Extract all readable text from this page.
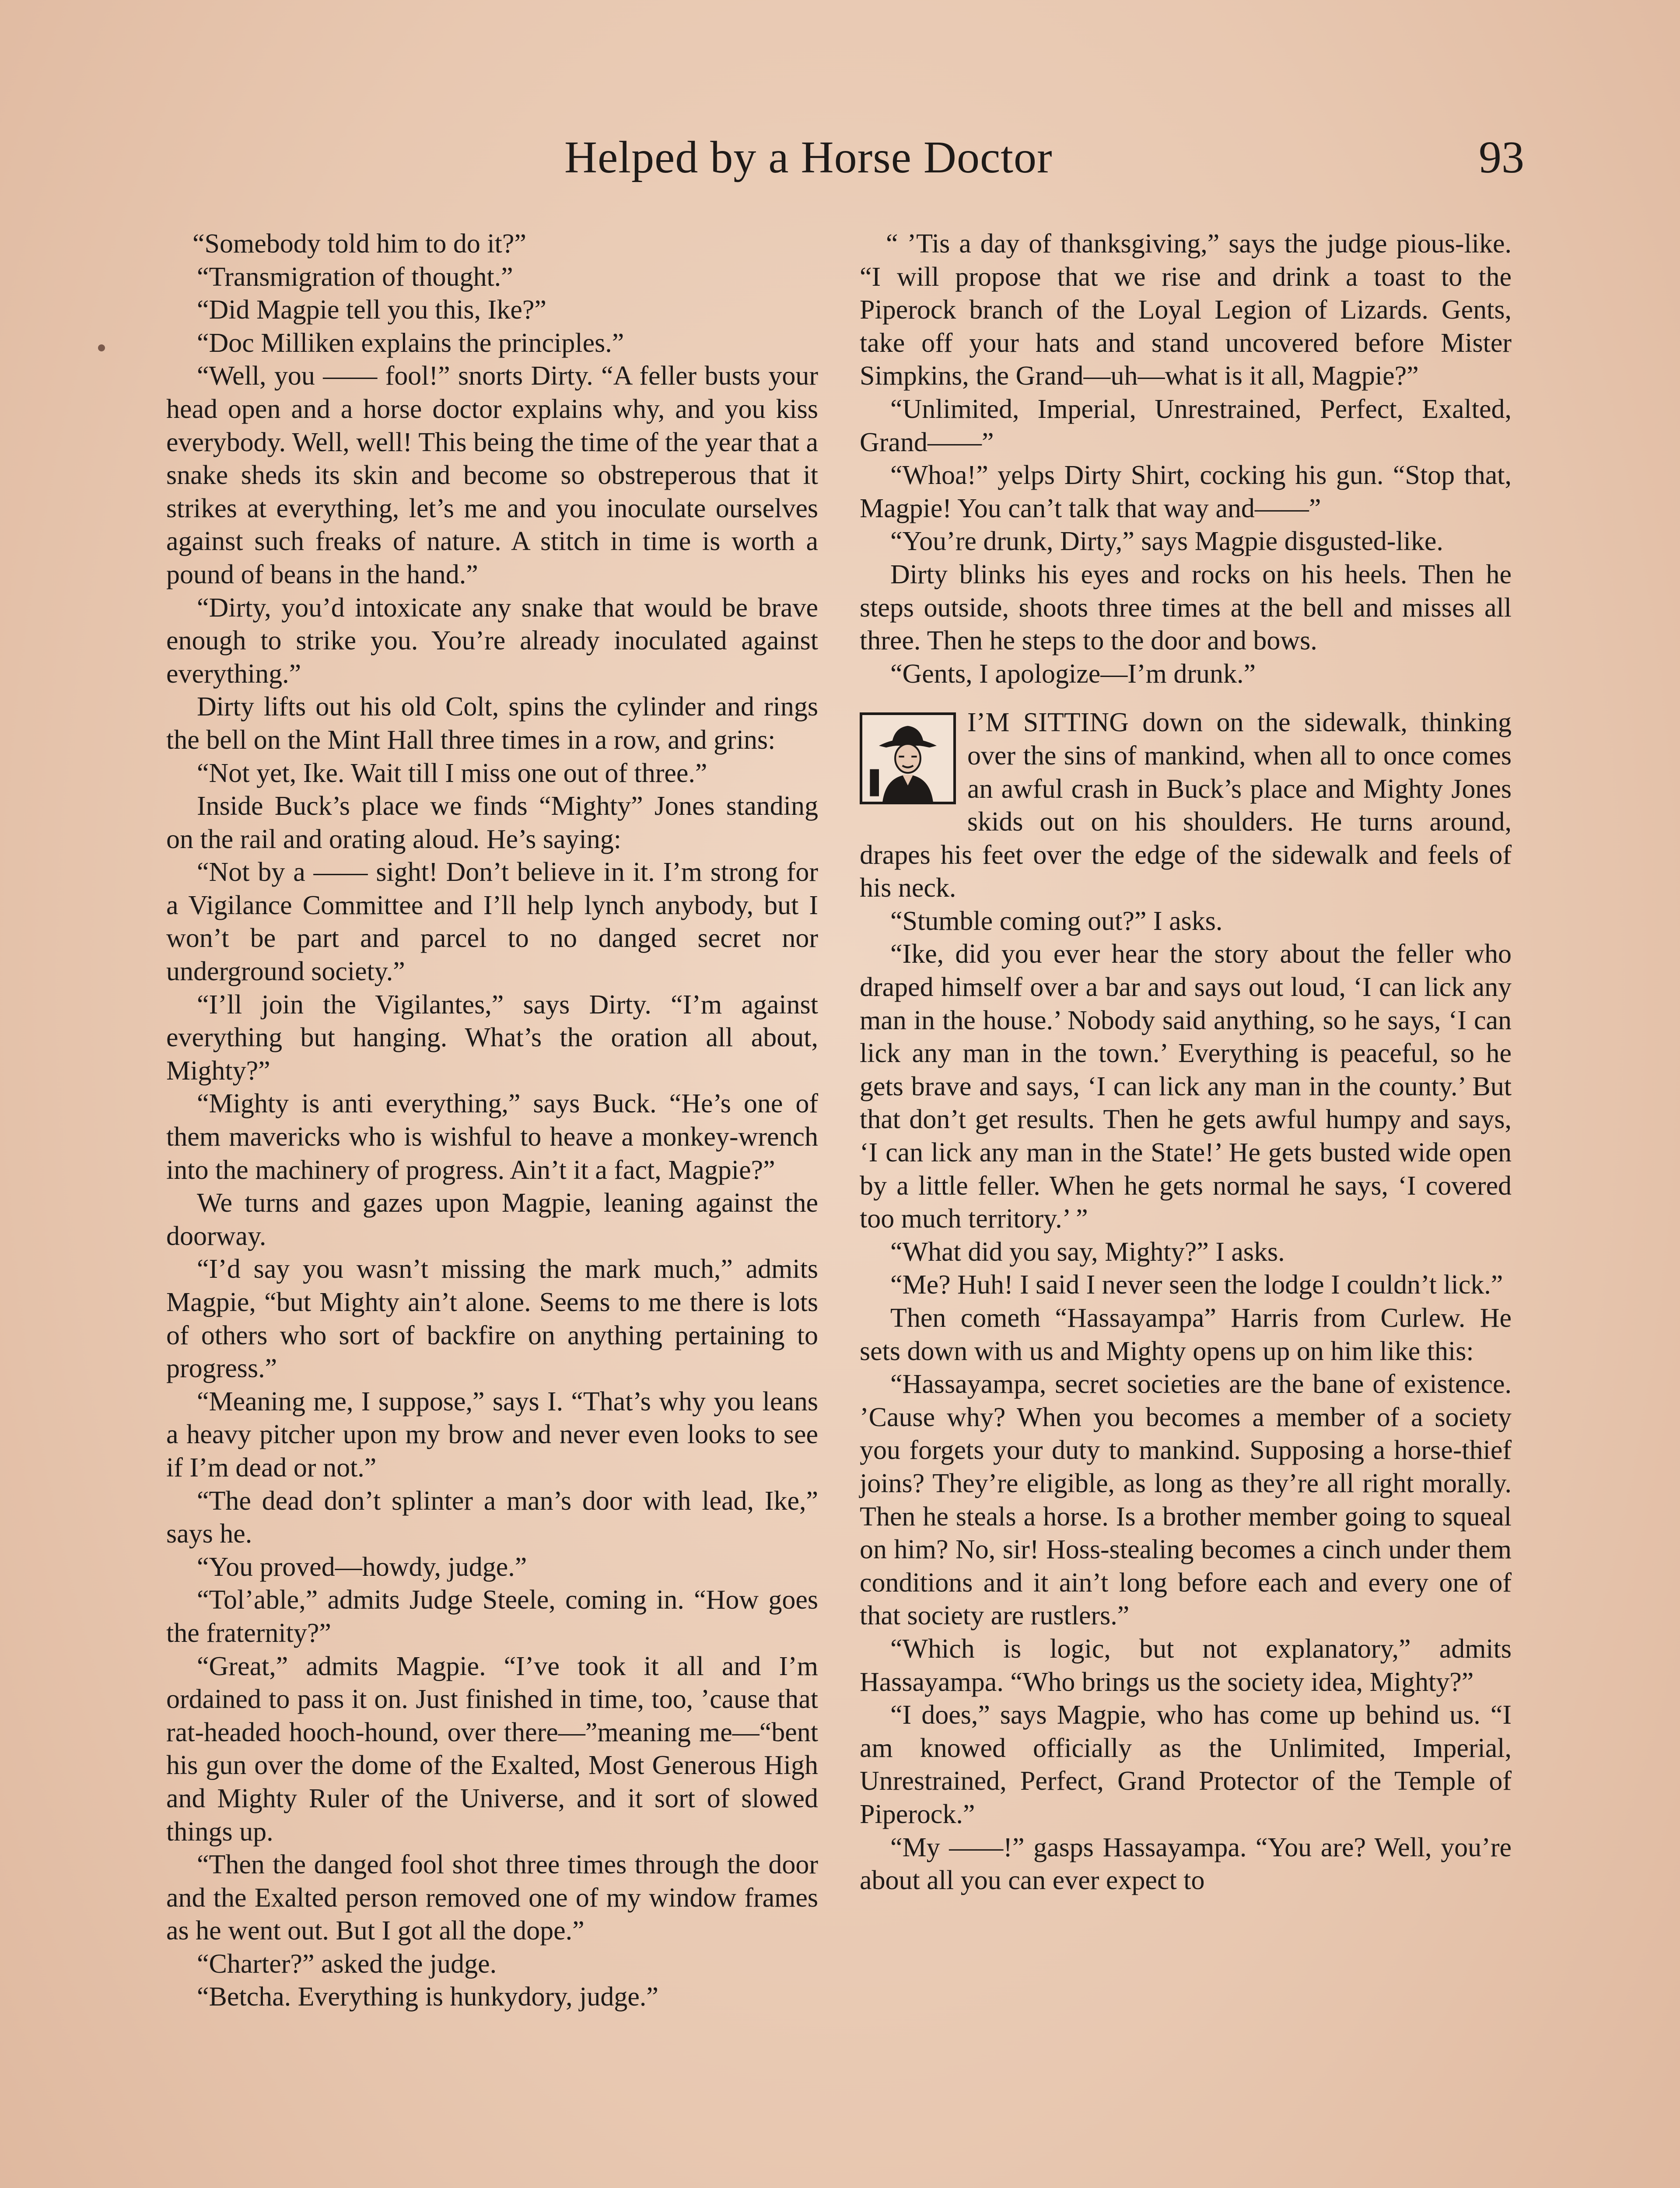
Helped by a Horse Doctor	93

“Somebody told him to do it?”

“Transmigration of thought.”

“Did Magpie tell you this, Ike?”

“Doc Milliken explains the principles.”

“Well, you —— fool!” snorts Dirty. “A feller busts your head open and a horse doctor explains why, and you kiss everybody. Well, well! This being the time of the year that a snake sheds its skin and become so obstreperous that it strikes at everything, let’s me and you inoculate ourselves against such freaks of nature. A stitch in time is worth a pound of beans in the hand.”

“Dirty, you’d intoxicate any snake that would be brave enough to strike you. You’re already inoculated against everything.”

Dirty lifts out his old Colt, spins the cylinder and rings the bell on the Mint Hall three times in a row, and grins:

“Not yet, Ike. Wait till I miss one out of three.”

Inside Buck’s place we finds “Mighty” Jones standing on the rail and orating aloud. He’s saying:

“Not by a —— sight! Don’t believe in it. I’m strong for a Vigilance Committee and I’ll help lynch anybody, but I won’t be part and parcel to no danged secret nor underground society.”

“I’ll join the Vigilantes,” says Dirty. “I’m against everything but hanging. What’s the oration all about, Mighty?”

“Mighty is anti everything,” says Buck. “He’s one of them mavericks who is wishful to heave a monkey-wrench into the machinery of progress. Ain’t it a fact, Magpie?”

We turns and gazes upon Magpie, leaning against the doorway.

“I’d say you wasn’t missing the mark much,” admits Magpie, “but Mighty ain’t alone. Seems to me there is lots of others who sort of backfire on anything pertaining to progress.”

“Meaning me, I suppose,” says I. “That’s why you leans a heavy pitcher upon my brow and never even looks to see if I’m dead or not.”

“The dead don’t splinter a man’s door with lead, Ike,” says he.

“You proved—howdy, judge.”

“Tol’able,” admits Judge Steele, coming in. “How goes the fraternity?”

“Great,” admits Magpie. “I’ve took it all and I’m ordained to pass it on. Just finished in time, too, ’cause that rat-headed hooch-hound, over there—”meaning me—“bent his gun over the dome of the Exalted, Most Generous High and Mighty Ruler of the Universe, and it sort of slowed things up.

“Then the danged fool shot three times through the door and the Exalted person removed one of my window frames as he went out. But I got all the dope.”

“Charter?” asked the judge.

“Betcha. Everything is hunkydory, judge.”

“ ’Tis a day of thanksgiving,” says the judge pious-like. “I will propose that we rise and drink a toast to the Piperock branch of the Loyal Legion of Lizards. Gents, take off your hats and stand uncovered before Mister Simpkins, the Grand—uh—what is it all, Magpie?”

“Unlimited, Imperial, Unrestrained, Perfect, Exalted, Grand——”

“Whoa!” yelps Dirty Shirt, cocking his gun. “Stop that, Magpie! You can’t talk that way and——”

“You’re drunk, Dirty,” says Magpie disgusted-like.

Dirty blinks his eyes and rocks on his heels. Then he steps outside, shoots three times at the bell and misses all three. Then he steps to the door and bows.

“Gents, I apologize—I’m drunk.”

I’M SITTING down on the sidewalk, thinking over the sins of mankind, when all to once comes an awful crash in Buck’s place and Mighty Jones skids out on his shoulders. He turns around, drapes his feet over the edge of the sidewalk and feels of his neck.

“Stumble coming out?” I asks.

“Ike, did you ever hear the story about the feller who draped himself over a bar and says out loud, ‘I can lick any man in the house.’ Nobody said anything, so he says, ‘I can lick any man in the town.’ Everything is peaceful, so he gets brave and says, ‘I can lick any man in the county.’ But that don’t get results. Then he gets awful humpy and says, ‘I can lick any man in the State!’ He gets busted wide open by a little feller. When he gets normal he says, ‘I covered too much territory.’ ”

“What did you say, Mighty?” I asks.

“Me? Huh! I said I never seen the lodge I couldn’t lick.”

Then cometh “Hassayampa” Harris from Curlew. He sets down with us and Mighty opens up on him like this:

“Hassayampa, secret societies are the bane of existence. ’Cause why? When you becomes a member of a society you forgets your duty to mankind. Supposing a horse-thief joins? They’re eligible, as long as they’re all right morally. Then he steals a horse. Is a brother member going to squeal on him? No, sir! Hoss-stealing becomes a cinch under them conditions and it ain’t long before each and every one of that society are rustlers.”

“Which is logic, but not explanatory,” admits Hassayampa. “Who brings us the society idea, Mighty?”

“I does,” says Magpie, who has come up behind us. “I am knowed officially as the Unlimited, Imperial, Unrestrained, Perfect, Grand Protector of the Temple of Piperock.”

“My ——!” gasps Hassayampa. “You are? Well, you’re about all you can ever expect to
